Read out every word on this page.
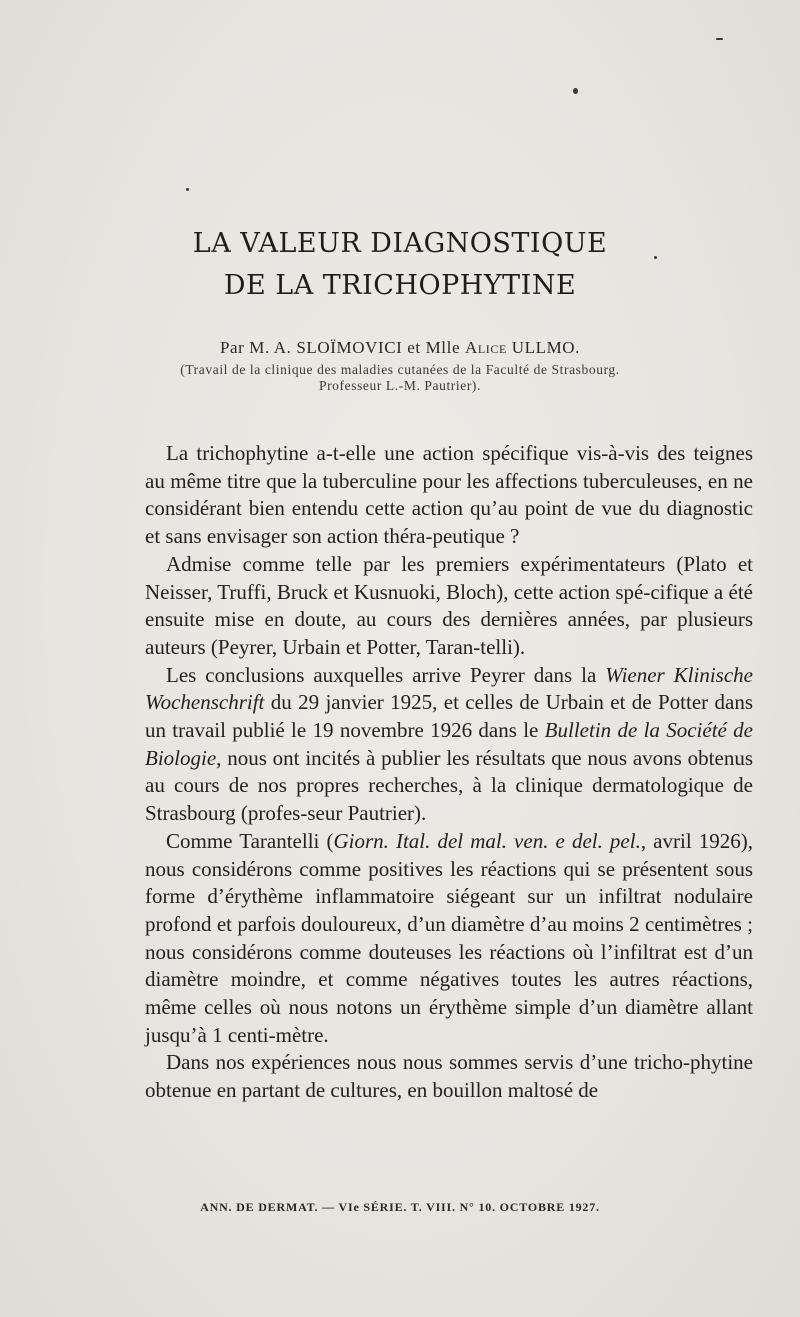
LA VALEUR DIAGNOSTIQUE
DE LA TRICHOPHYTINE
Par M. A. SLOÏMOVICI et Mlle Alice ULLMO.
(Travail de la clinique des maladies cutanées de la Faculté de Strasbourg.
Professeur L.-M. Pautrier).

 La trichophytine a-t-elle une action spécifique vis-à-vis des teignes au même titre que la tuberculine pour les affections tuberculeuses, en ne considérant bien entendu cette action qu’au point de vue du diagnostic et sans envisager son action théra-peutique ?

 Admise comme telle par les premiers expérimentateurs (Plato et Neisser, Truffi, Bruck et Kusnuoki, Bloch), cette action spé-cifique a été ensuite mise en doute, au cours des dernières années, par plusieurs auteurs (Peyrer, Urbain et Potter, Taran-telli).

 Les conclusions auxquelles arrive Peyrer dans la Wiener Klinische Wochenschrift du 29 janvier 1925, et celles de Urbain et de Potter dans un travail publié le 19 novembre 1926 dans le Bulletin de la Société de Biologie, nous ont incités à publier les résultats que nous avons obtenus au cours de nos propres recherches, à la clinique dermatologique de Strasbourg (profes-seur Pautrier).

 Comme Tarantelli (Giorn. Ital. del mal. ven. e del. pel., avril 1926), nous considérons comme positives les réactions qui se présentent sous forme d’érythème inflammatoire siégeant sur un infiltrat nodulaire profond et parfois douloureux, d’un diamètre d’au moins 2 centimètres ; nous considérons comme douteuses les réactions où l’infiltrat est d’un diamètre moindre, et comme négatives toutes les autres réactions, même celles où nous notons un érythème simple d’un diamètre allant jusqu’à 1 centi-mètre.

 Dans nos expériences nous nous sommes servis d’une tricho-phytine obtenue en partant de cultures, en bouillon maltosé de

ANN. DE DERMAT. — VIe SÉRIE. T. VIII. N° 10. OCTOBRE 1927.
